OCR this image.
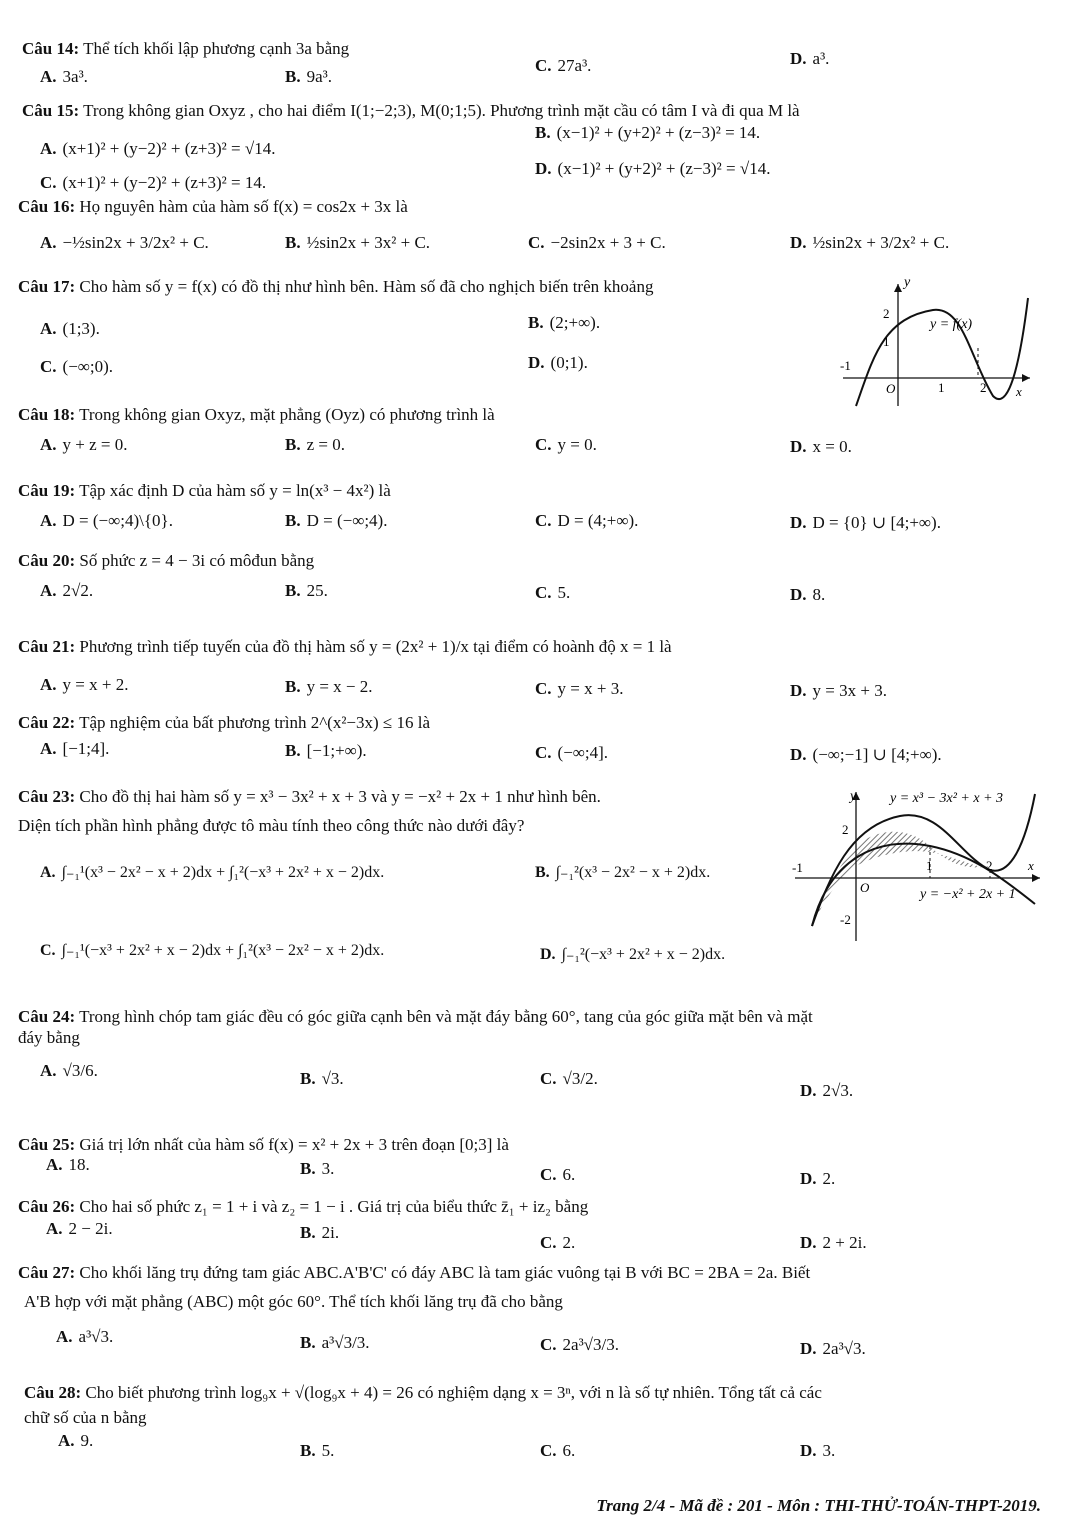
Câu 14: Thể tích khối lập phương cạnh 3a bằng
A. 3a³.	B. 9a³.
C. 27a³.	D. a³.
Câu 15: Trong không gian Oxyz , cho hai điểm I(1;−2;3), M(0;1;5). Phương trình mặt cầu có tâm I và đi qua M là
A. (x+1)² + (y−2)² + (z+3)² = √14.
B. (x−1)² + (y+2)² + (z−3)² = 14.
C. (x+1)² + (y−2)² + (z+3)² = 14.
D. (x−1)² + (y+2)² + (z−3)² = √14.
Câu 16: Họ nguyên hàm của hàm số f(x) = cos2x + 3x là
A. −½sin2x + 3/2x² + C.	B. ½sin2x + 3x² + C.	C. −2sin2x + 3 + C.	D. ½sin2x + 3/2x² + C.
Câu 17: Cho hàm số y = f(x) có đồ thị như hình bên. Hàm số đã cho nghịch biến trên khoảng
A. (1;3).	B. (2;+∞).
C. (−∞;0).	D. (0;1).
y
y = f(x)
2
1
-1
O	1	2 x
Câu 18: Trong không gian Oxyz, mặt phẳng (Oyz) có phương trình là
A. y + z = 0.	B. z = 0.	C. y = 0.	D. x = 0.
Câu 19: Tập xác định D của hàm số y = ln(x³ − 4x²) là
A. D = (−∞;4)\{0}.	B. D = (−∞;4).	C. D = (4;+∞).	D. D = {0} ∪ [4;+∞).
Câu 20: Số phức z = 4 − 3i có môđun bằng
A. 2√2.	B. 25.	C. 5.	D. 8.
Câu 21: Phương trình tiếp tuyến của đồ thị hàm số y = (2x² + 1)/x tại điểm có hoành độ x = 1 là
A. y = x + 2.	B. y = x − 2.	C. y = x + 3.	D. y = 3x + 3.
Câu 22: Tập nghiệm của bất phương trình 2^(x²−3x) ≤ 16 là
A. [−1;4].	B. [−1;+∞).	C. (−∞;4].	D. (−∞;−1] ∪ [4;+∞).
Câu 23: Cho đồ thị hai hàm số y = x³ − 3x² + x + 3 và y = −x² + 2x + 1 như hình bên.
Diện tích phần hình phẳng được tô màu tính theo công thức nào dưới đây?
A. ∫₋₁¹(x³ − 2x² − x + 2)dx + ∫₁²(−x³ + 2x² + x − 2)dx.	B. ∫₋₁²(x³ − 2x² − x + 2)dx.
C. ∫₋₁¹(−x³ + 2x² + x − 2)dx + ∫₁²(x³ − 2x² − x + 2)dx.	D. ∫₋₁²(−x³ + 2x² + x − 2)dx.
y y = x³ − 3x² + x + 3
2
-1	1	2	x
O	y = −x² + 2x + 1
-2
Câu 24: Trong hình chóp tam giác đều có góc giữa cạnh bên và mặt đáy bằng 60°, tang của góc giữa mặt bên và mặt
đáy bằng
A. √3/6.	B. √3.	C. √3/2.
D. 2√3.
Câu 25: Giá trị lớn nhất của hàm số f(x) = x² + 2x + 3 trên đoạn [0;3] là
A. 18.	B. 3.	C. 6.	D. 2.
Câu 26: Cho hai số phức z₁ = 1 + i và z₂ = 1 − i . Giá trị của biểu thức z̄₁ + iz₂ bằng
A. 2 − 2i.	B. 2i.
C. 2.	D. 2 + 2i.
Câu 27: Cho khối lăng trụ đứng tam giác ABC.A'B'C' có đáy ABC là tam giác vuông tại B với BC = 2BA = 2a. Biết
A'B hợp với mặt phẳng (ABC) một góc 60°. Thể tích khối lăng trụ đã cho bằng
A. a³√3.	B. a³√3/3.	C. 2a³√3/3.	D. 2a³√3.
Câu 28: Cho biết phương trình log₉x + √(log₉x + 4) = 26 có nghiệm dạng x = 3ⁿ, với n là số tự nhiên. Tổng tất cả các
chữ số của n bằng
A. 9.
B. 5.	C. 6.	D. 3.
Trang 2/4 - Mã đề : 201 - Môn : THI-THỬ-TOÁN-THPT-2019.
